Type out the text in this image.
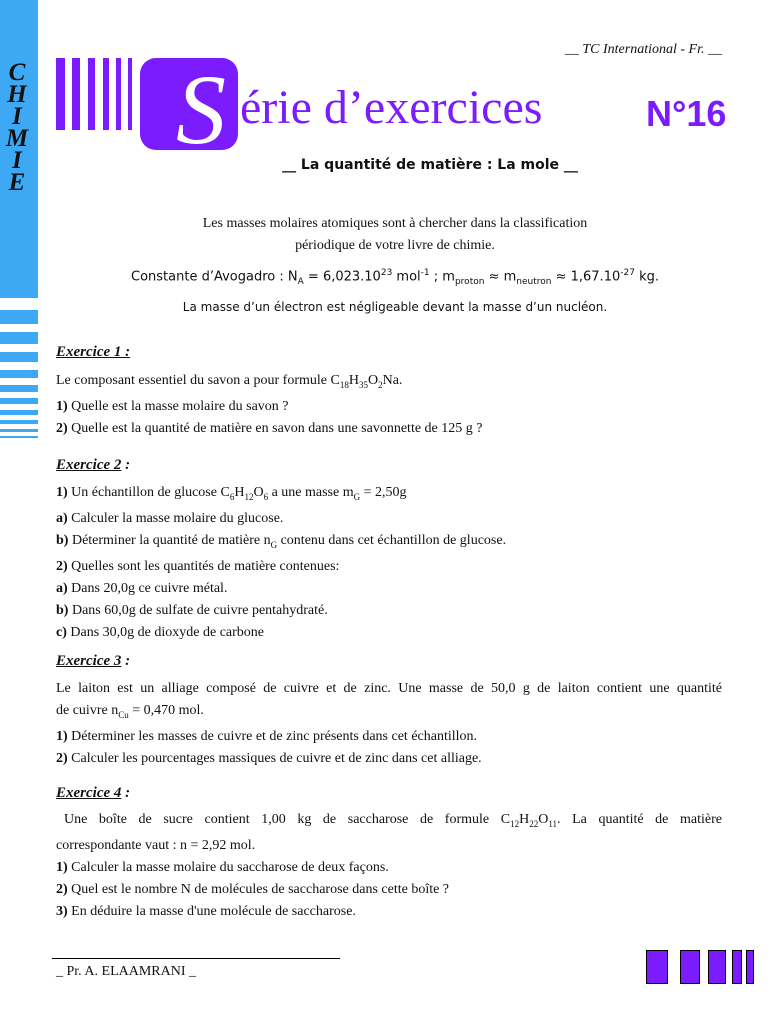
C
H
I
M
I
E
__ TC International - Fr. __
S érie d’exercices	N°16
__ La quantité de matière : La mole __
Les masses molaires atomiques sont à chercher dans la classification
périodique de votre livre de chimie.
Constante d’Avogadro : $N_A = 6,023.10^{23}$ mol$^{-1}$ ; $m_{proton} \approx m_{neutron} \approx 1,67.10^{-27}$ kg.
La masse d’un électron est négligeable devant la masse d’un nucléon.
Exercice 1 :
Le composant essentiel du savon a pour formule $C_{18}H_{35}O_2Na$.
1) Quelle est la masse molaire du savon ?
2) Quelle est la quantité de matière en savon dans une savonnette de 125 g ?
Exercice 2 :
1) Un échantillon de glucose $C_6H_{12}O_6$ a une masse $m_G = 2,50g$
a) Calculer la masse molaire du glucose.
b) Déterminer la quantité de matière $n_G$ contenu dans cet échantillon de glucose.
2) Quelles sont les quantités de matière contenues:
a) Dans 20,0g ce cuivre métal.
b) Dans 60,0g de sulfate de cuivre pentahydraté.
c) Dans 30,0g de dioxyde de carbone
Exercice 3 :
Le laiton est un alliage composé de cuivre et de zinc. Une masse de 50,0 g de laiton contient une quantité
de cuivre $n_{Cu} = 0,470$ mol.
1) Déterminer les masses de cuivre et de zinc présents dans cet échantillon.
2) Calculer les pourcentages massiques de cuivre et de zinc dans cet alliage.
Exercice 4 :
Une boîte de sucre contient 1,00 kg de saccharose de formule $C_{12}H_{22}O_{11}$. La quantité de matière
correspondante vaut : n = 2,92 mol.
1) Calculer la masse molaire du saccharose de deux façons.
2) Quel est le nombre N de molécules de saccharose dans cette boîte ?
3) En déduire la masse d'une molécule de saccharose.
_ Pr. A. ELAAMRANI _
